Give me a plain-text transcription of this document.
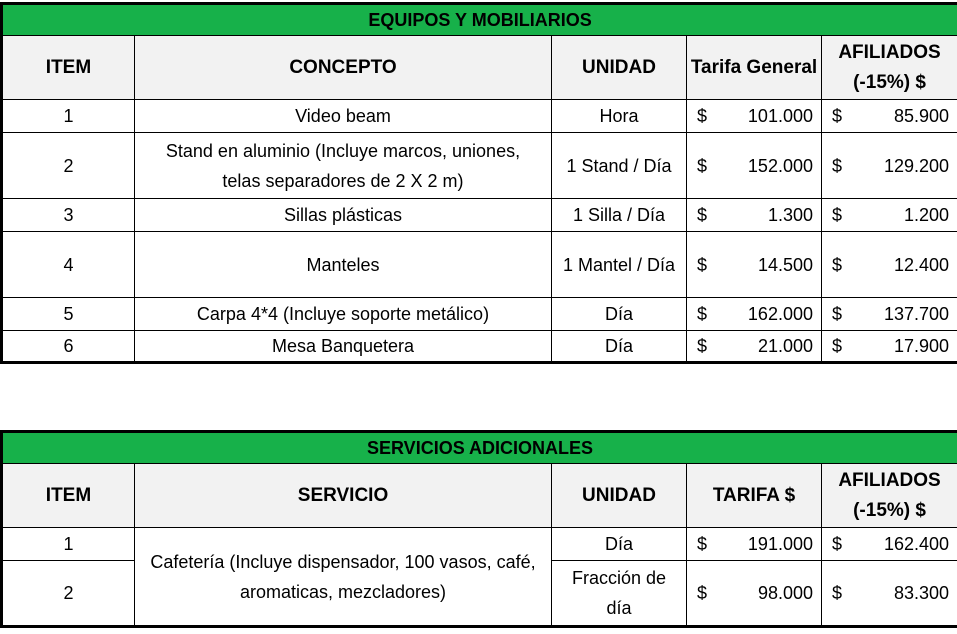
EQUIPOS Y MOBILIARIOS				
ITEM	CONCEPTO	UNIDAD	Tarifa General	AFILIADOS (-15%) $
1	Video beam	Hora	$ 101.000	$ 85.900

2	Stand en aluminio (Incluye marcos, uniones, telas separadores de 2 X 2 m)	1 Stand / Día	$ 152.000	$ 129.200

3	Sillas plásticas	1 Silla / Día	$ 1.300	$ 1.200

4	Manteles	1 Mantel / Día	$ 14.500	$ 12.400

5	Carpa 4*4 (Incluye soporte metálico)	Día	$ 162.000	$ 137.700

6	Mesa Banquetera	Día	$ 21.000	$ 17.900
SERVICIOS ADICIONALES				
ITEM	SERVICIO	UNIDAD	TARIFA $	AFILIADOS (-15%) $
1	Cafetería (Incluye dispensador, 100 vasos, café, aromaticas, mezcladores)	Día	$ 191.000	$ 162.400

2		Fracción de día	$ 98.000	$ 83.300
